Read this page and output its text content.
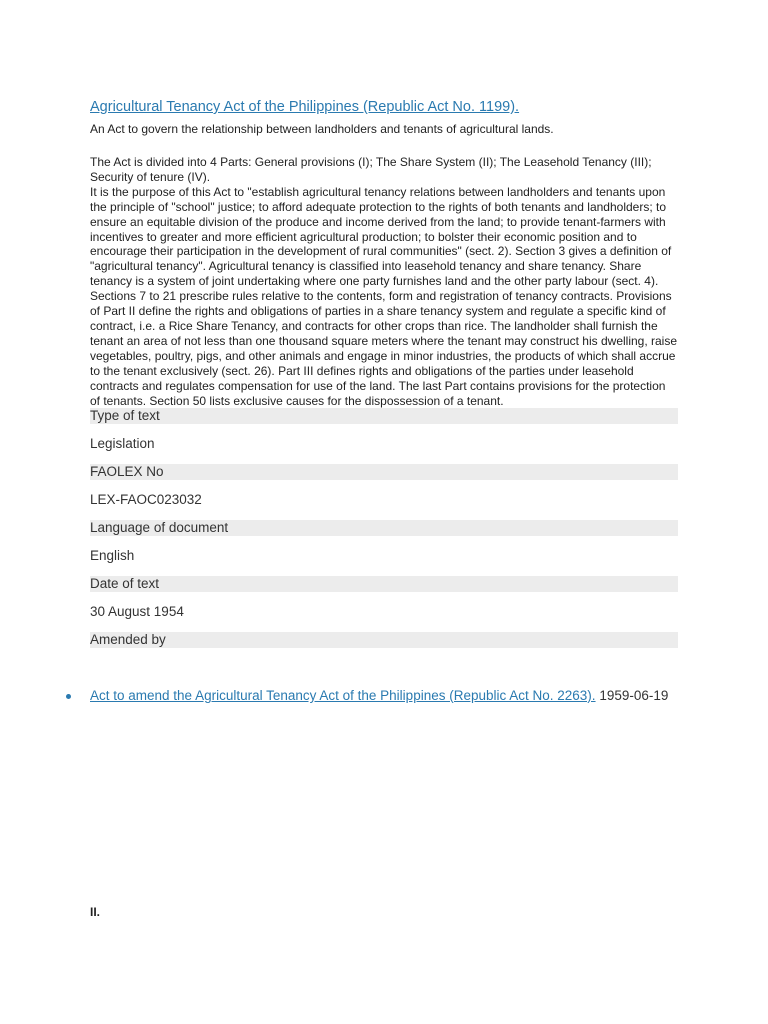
Agricultural Tenancy Act of the Philippines (Republic Act No. 1199).
An Act to govern the relationship between landholders and tenants of agricultural lands.

The Act is divided into 4 Parts: General provisions (I); The Share System (II); The Leasehold Tenancy (III); Security of tenure (IV).

It is the purpose of this Act to "establish agricultural tenancy relations between landholders and tenants upon the principle of "school" justice; to afford adequate protection to the rights of both tenants and landholders; to ensure an equitable division of the produce and income derived from the land; to provide tenant-farmers with incentives to greater and more efficient agricultural production; to bolster their economic position and to encourage their participation in the development of rural communities" (sect. 2). Section 3 gives a definition of "agricultural tenancy". Agricultural tenancy is classified into leasehold tenancy and share tenancy. Share tenancy is a system of joint undertaking where one party furnishes land and the other party labour (sect. 4). Sections 7 to 21 prescribe rules relative to the contents, form and registration of tenancy contracts. Provisions of Part II define the rights and obligations of parties in a share tenancy system and regulate a specific kind of contract, i.e. a Rice Share Tenancy, and contracts for other crops than rice. The landholder shall furnish the tenant an area of not less than one thousand square meters where the tenant may construct his dwelling, raise vegetables, poultry, pigs, and other animals and engage in minor industries, the products of which shall accrue to the tenant exclusively (sect. 26). Part III defines rights and obligations of the parties under leasehold contracts and regulates compensation for use of the land. The last Part contains provisions for the protection of tenants. Section 50 lists exclusive causes for the dispossession of a tenant.

Type of text
Legislation
FAOLEX No
LEX-FAOC023032
Language of document
English
Date of text
30 August 1954
Amended by
Act to amend the Agricultural Tenancy Act of the Philippines (Republic Act No. 2263). 1959-06-19
II.
